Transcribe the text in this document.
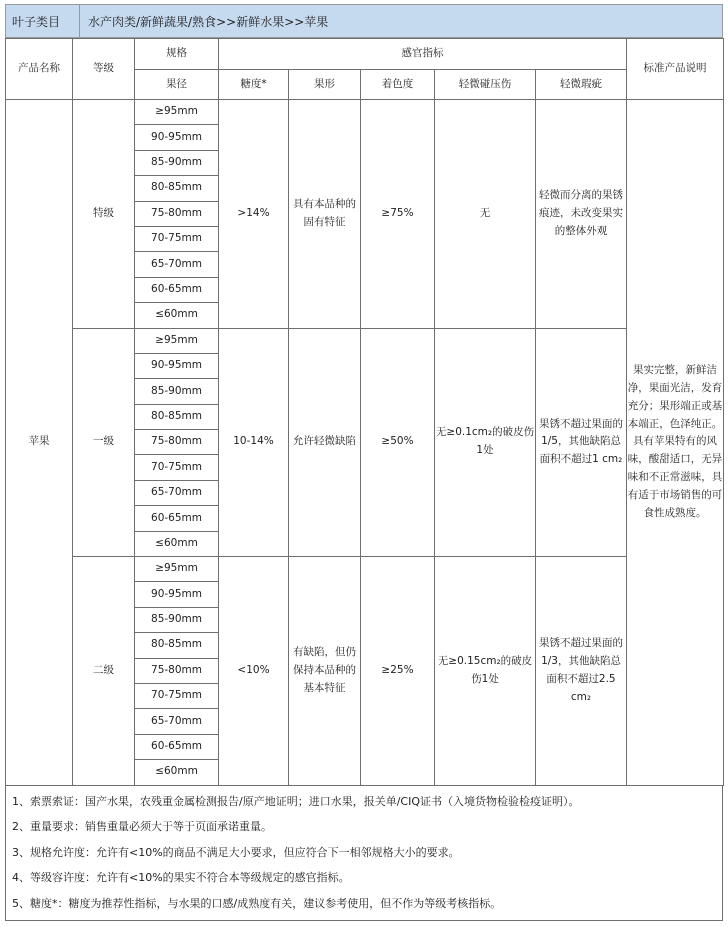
叶子类目	水产肉类/新鲜蔬果/熟食>>新鲜水果>>苹果
产品名称	等级	规格	感官指标					标准产品说明
		果径	糖度*	果形	着色度	轻微碰压伤	轻微瑕疵	
苹果	特级	≥95mm	>14%	具有本品种的固有特征	≥75%	无	轻微而分离的果锈痕迹，未改变果实的整体外观	果实完整，新鲜洁净，果面光洁，发育充分；果形端正或基本端正，色泽纯正。具有苹果特有的风味，酸甜适口，无异味和不正常滋味，具有适于市场销售的可食性成熟度。
		90-95mm						
		85-90mm						
		80-85mm						
		75-80mm						
		70-75mm						
		65-70mm						
		60-65mm						
		≤60mm						
	一级	≥95mm	10-14%	允许轻微缺陷	≥50%	无≥0.1cm₂的破皮伤1处	果锈不超过果面的1/5，其他缺陷总面积不超过1 cm₂	
		90-95mm						
		85-90mm						
		80-85mm						
		75-80mm						
		70-75mm						
		65-70mm						
		60-65mm						
		≤60mm						
	二级	≥95mm	<10%	有缺陷，但仍保持本品种的基本特征	≥25%	无≥0.15cm₂的破皮伤1处	果锈不超过果面的1/3，其他缺陷总面积不超过2.5 cm₂	
		90-95mm						
		85-90mm						
		80-85mm						
		75-80mm						
		70-75mm						
		65-70mm						
		60-65mm						
		≤60mm						
1、索票索证：国产水果，农残重金属检测报告/原产地证明；进口水果，报关单/CIQ证书（入境货物检验检疫证明）。
2、重量要求：销售重量必须大于等于页面承诺重量。
3、规格允许度：允许有<10%的商品不满足大小要求，但应符合下一相邻规格大小的要求。
4、等级容许度：允许有<10%的果实不符合本等级规定的感官指标。
5、糖度*：糖度为推荐性指标，与水果的口感/成熟度有关，建议参考使用，但不作为等级考核指标。
